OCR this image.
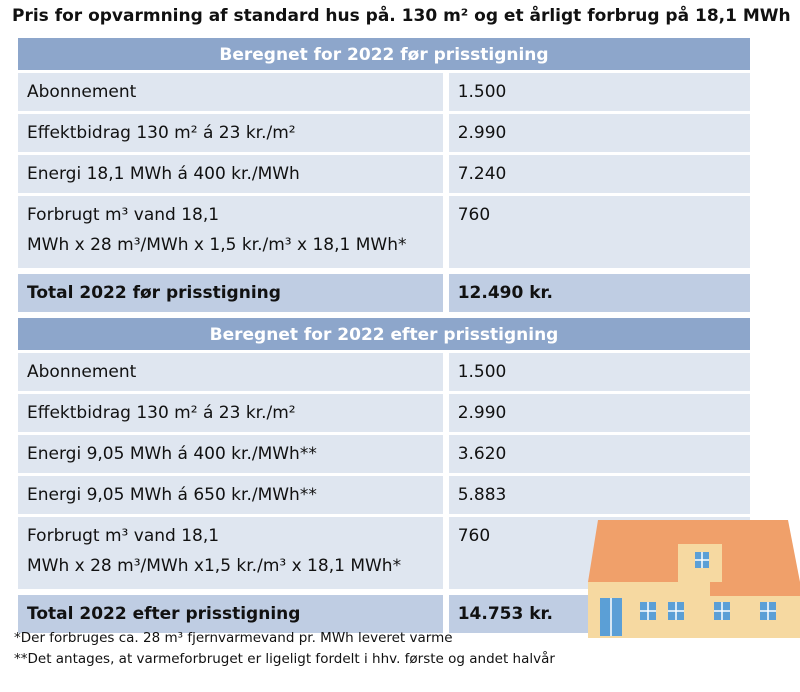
Pris for opvarmning af standard hus på. 130 m² og et årligt forbrug på 18,1 MWh
Beregnet for 2022 før prisstigning	
Abonnement	1.500
Effektbidrag 130 m² á 23 kr./m²	2.990
Energi 18,1 MWh á 400 kr./MWh	7.240

Forbrugt m³ vand 18,1
MWh x 28 m³/MWh x 1,5 kr./m³ x 18,1 MWh*	760

Total 2022 før prisstigning	12.490 kr.
Beregnet for 2022 efter prisstigning	
Abonnement	1.500
Effektbidrag 130 m² á 23 kr./m²	2.990
Energi 9,05 MWh á 400 kr./MWh**	3.620
Energi 9,05 MWh á 650 kr./MWh**	5.883

Forbrugt m³ vand 18,1
MWh x 28 m³/MWh x1,5 kr./m³ x 18,1 MWh*	760

Total 2022 efter prisstigning	14.753 kr.
*Der forbruges ca. 28 m³ fjernvarmevand pr. MWh leveret varme
**Det antages, at varmeforbruget er ligeligt fordelt i hhv. første og andet halvår
